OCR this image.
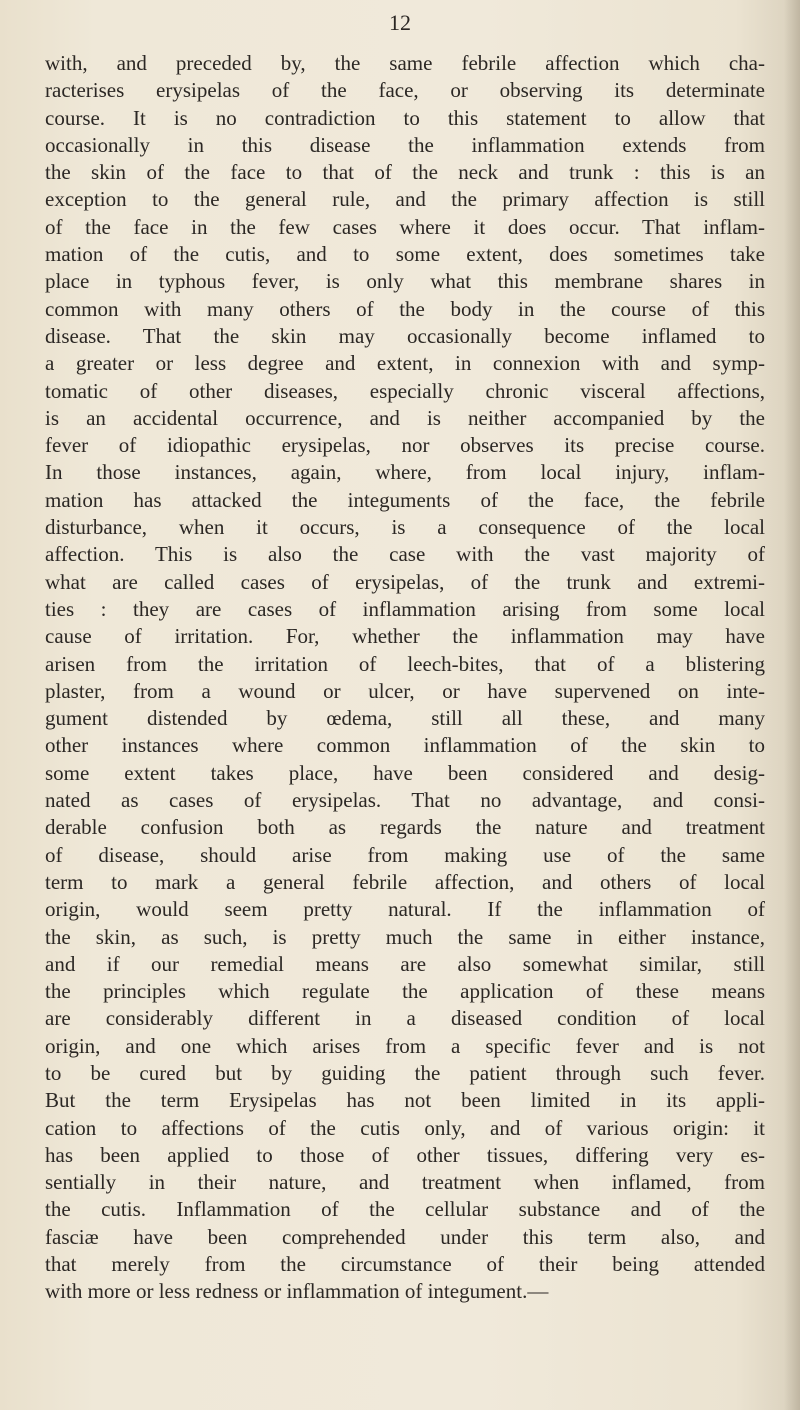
12

with, and preceded by, the same febrile affection which cha-
racterises erysipelas of the face, or observing its determinate
course. It is no contradiction to this statement to allow that
occasionally in this disease the inflammation extends from
the skin of the face to that of the neck and trunk : this is an
exception to the general rule, and the primary affection is still
of the face in the few cases where it does occur. That inflam-
mation of the cutis, and to some extent, does sometimes take
place in typhous fever, is only what this membrane shares in
common with many others of the body in the course of this
disease. That the skin may occasionally become inflamed to
a greater or less degree and extent, in connexion with and symp-
tomatic of other diseases, especially chronic visceral affections,
is an accidental occurrence, and is neither accompanied by the
fever of idiopathic erysipelas, nor observes its precise course.
In those instances, again, where, from local injury, inflam-
mation has attacked the integuments of the face, the febrile
disturbance, when it occurs, is a consequence of the local
affection. This is also the case with the vast majority of
what are called cases of erysipelas, of the trunk and extremi-
ties : they are cases of inflammation arising from some local
cause of irritation. For, whether the inflammation may have
arisen from the irritation of leech-bites, that of a blistering
plaster, from a wound or ulcer, or have supervened on inte-
gument distended by œdema, still all these, and many
other instances where common inflammation of the skin to
some extent takes place, have been considered and desig-
nated as cases of erysipelas. That no advantage, and consi-
derable confusion both as regards the nature and treatment
of disease, should arise from making use of the same
term to mark a general febrile affection, and others of local
origin, would seem pretty natural. If the inflammation of
the skin, as such, is pretty much the same in either instance,
and if our remedial means are also somewhat similar, still
the principles which regulate the application of these means
are considerably different in a diseased condition of local
origin, and one which arises from a specific fever and is not
to be cured but by guiding the patient through such fever.
But the term Erysipelas has not been limited in its appli-
cation to affections of the cutis only, and of various origin: it
has been applied to those of other tissues, differing very es-
sentially in their nature, and treatment when inflamed, from
the cutis. Inflammation of the cellular substance and of the
fasciæ have been comprehended under this term also, and
that merely from the circumstance of their being attended
with more or less redness or inflammation of integument.—
